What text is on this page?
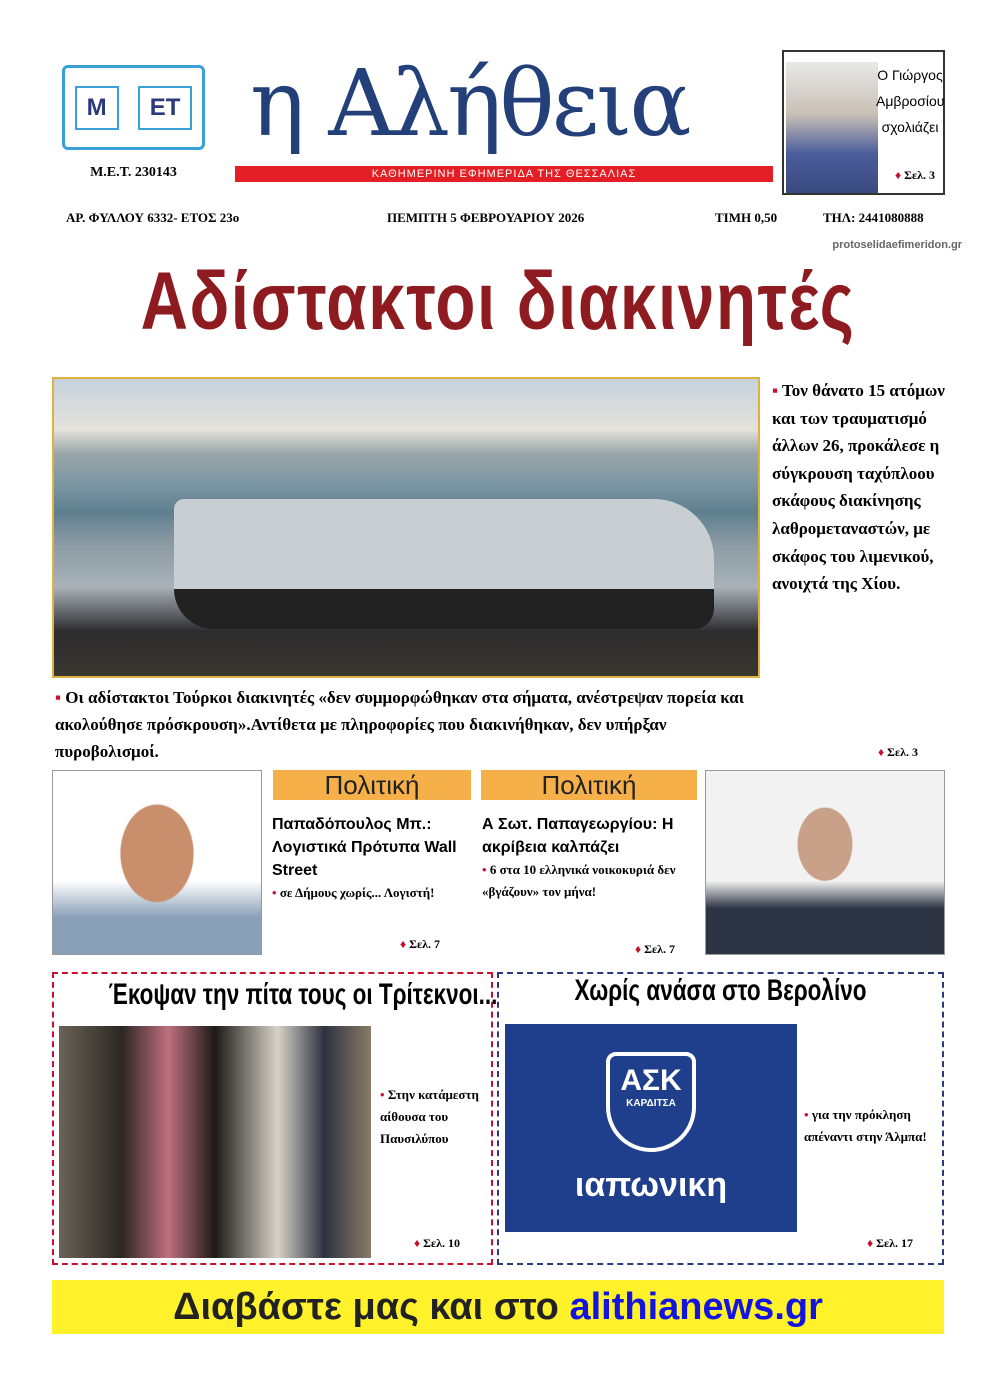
Μ	ΕΤ
Μ.Ε.Τ. 230143
η Αλήθεια
ΚΑΘΗΜΕΡΙΝΗ ΕΦΗΜΕΡΙΔΑ ΤΗΣ ΘΕΣΣΑΛΙΑΣ
Ο Γιώργος Αμβροσίου σχολιάζει
♦ Σελ. 3
ΑΡ. ΦΥΛΛΟΥ 6332- ΕΤΟΣ 23ο	ΠΕΜΠΤΗ 5 ΦΕΒΡΟΥΑΡΙΟΥ 2026	ΤΙΜΗ 0,50	ΤΗΛ: 2441080888
protoselidaefimeridon.gr
Αδίστακτοι διακινητές
▪ Τον θάνατο 15 ατόμων και των τραυματισμό άλλων 26, προκάλεσε η σύγκρουση ταχύπλοου σκάφους διακίνησης λαθρομεταναστών, με σκάφος του λιμενικού, ανοιχτά της Χίου.
▪ Οι αδίστακτοι Τούρκοι διακινητές «δεν συμμορφώθηκαν στα σήματα, ανέστρεψαν πορεία και ακολούθησε πρόσκρουση».Αντίθετα με πληροφορίες που διακινήθηκαν, δεν υπήρξαν πυροβολισμοί.	♦ Σελ. 3
Πολιτική
Παπαδόπουλος Μπ.: Λογιστικά Πρότυπα Wall Street
• σε Δήμους χωρίς... Λογιστή!
♦ Σελ. 7
Πολιτική
Α Σωτ. Παπαγεωργίου: Η ακρίβεια καλπάζει
• 6 στα 10 ελληνικά νοικοκυριά δεν «βγάζουν» τον μήνα!
♦ Σελ. 7
Έκοψαν την πίτα τους οι Τρίτεκνοι...
• Στην κατάμεστη αίθουσα του Παυσιλύπου
♦ Σελ. 10
Χωρίς ανάσα στο Βερολίνο
ΑΣΚ
ΚΑΡΔΙΤΣΑ
ιαπωνικη
• για την πρόκληση απέναντι στην Άλμπα!
♦ Σελ. 17
Διαβάστε μας και στο alithianews.gr
